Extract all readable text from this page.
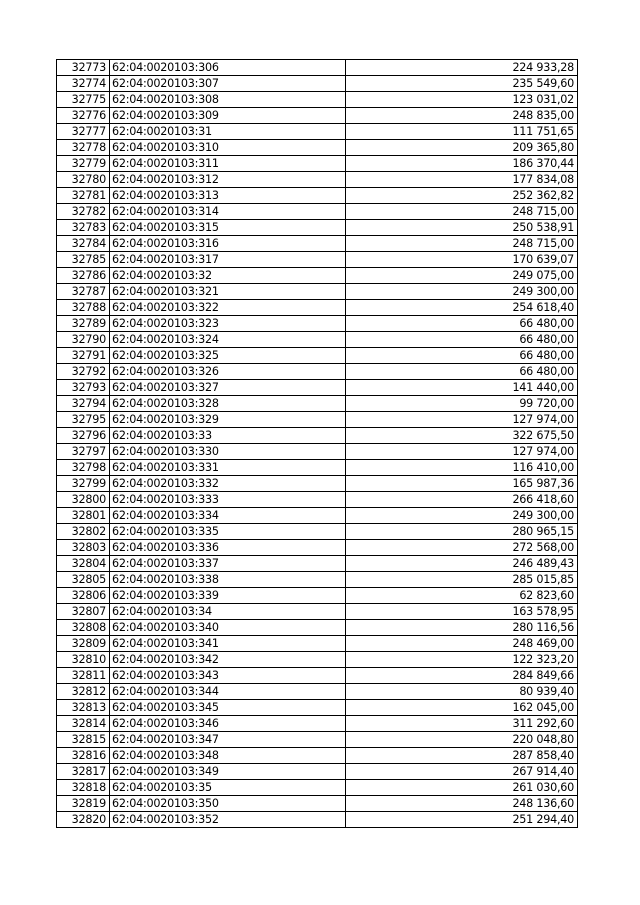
32773	62:04:0020103:306	224 933,28
32774	62:04:0020103:307	235 549,60
32775	62:04:0020103:308	123 031,02
32776	62:04:0020103:309	248 835,00
32777	62:04:0020103:31	111 751,65
32778	62:04:0020103:310	209 365,80
32779	62:04:0020103:311	186 370,44
32780	62:04:0020103:312	177 834,08
32781	62:04:0020103:313	252 362,82
32782	62:04:0020103:314	248 715,00
32783	62:04:0020103:315	250 538,91
32784	62:04:0020103:316	248 715,00
32785	62:04:0020103:317	170 639,07
32786	62:04:0020103:32	249 075,00
32787	62:04:0020103:321	249 300,00
32788	62:04:0020103:322	254 618,40
32789	62:04:0020103:323	66 480,00
32790	62:04:0020103:324	66 480,00
32791	62:04:0020103:325	66 480,00
32792	62:04:0020103:326	66 480,00
32793	62:04:0020103:327	141 440,00
32794	62:04:0020103:328	99 720,00
32795	62:04:0020103:329	127 974,00
32796	62:04:0020103:33	322 675,50
32797	62:04:0020103:330	127 974,00
32798	62:04:0020103:331	116 410,00
32799	62:04:0020103:332	165 987,36
32800	62:04:0020103:333	266 418,60
32801	62:04:0020103:334	249 300,00
32802	62:04:0020103:335	280 965,15
32803	62:04:0020103:336	272 568,00
32804	62:04:0020103:337	246 489,43
32805	62:04:0020103:338	285 015,85
32806	62:04:0020103:339	62 823,60
32807	62:04:0020103:34	163 578,95
32808	62:04:0020103:340	280 116,56
32809	62:04:0020103:341	248 469,00
32810	62:04:0020103:342	122 323,20
32811	62:04:0020103:343	284 849,66
32812	62:04:0020103:344	80 939,40
32813	62:04:0020103:345	162 045,00
32814	62:04:0020103:346	311 292,60
32815	62:04:0020103:347	220 048,80
32816	62:04:0020103:348	287 858,40
32817	62:04:0020103:349	267 914,40
32818	62:04:0020103:35	261 030,60
32819	62:04:0020103:350	248 136,60
32820	62:04:0020103:352	251 294,40
